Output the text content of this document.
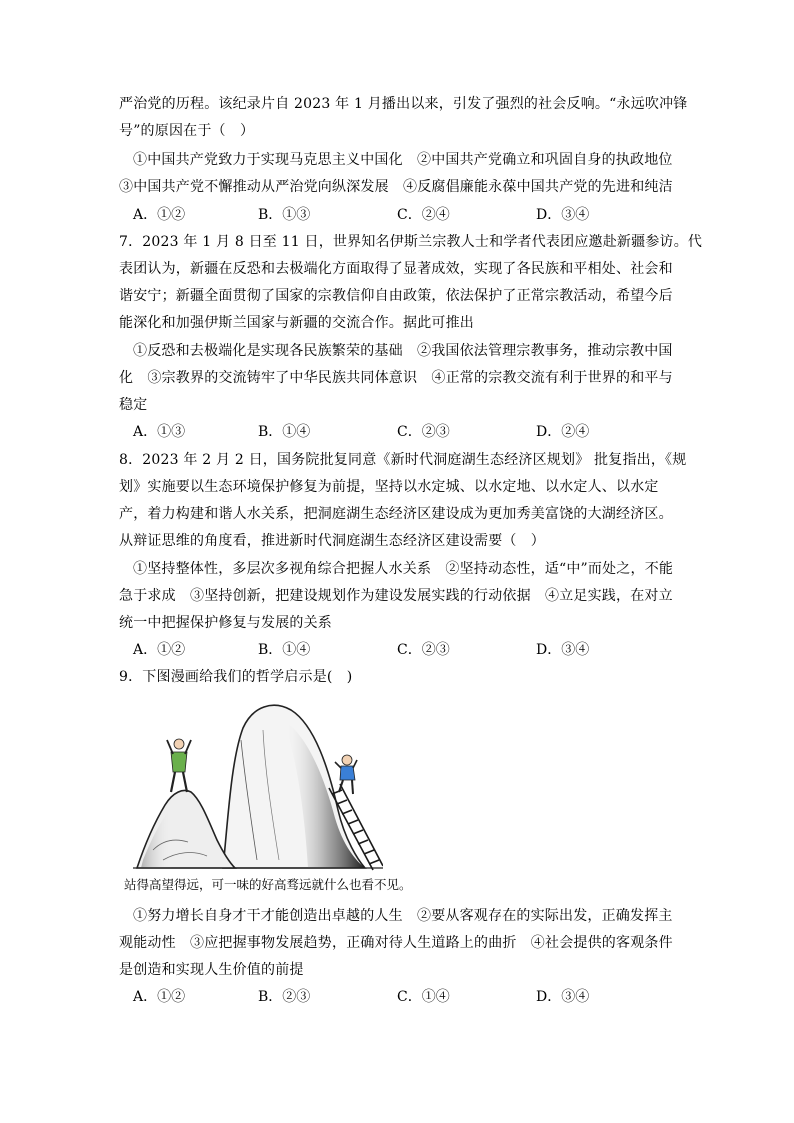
严治党的历程。该纪录片自 2023 年 1 月播出以来，引发了强烈的社会反响。“永远吹冲锋
号”的原因在于（　）
①中国共产党致力于实现马克思主义中国化　②中国共产党确立和巩固自身的执政地位
③中国共产党不懈推动从严治党向纵深发展　④反腐倡廉能永葆中国共产党的先进和纯洁
A．①②	B．①③	C．②④	D．③④
7．2023 年 1 月 8 日至 11 日，世界知名伊斯兰宗教人士和学者代表团应邀赴新疆参访。代
表团认为，新疆在反恐和去极端化方面取得了显著成效，实现了各民族和平相处、社会和
谐安宁；新疆全面贯彻了国家的宗教信仰自由政策，依法保护了正常宗教活动，希望今后
能深化和加强伊斯兰国家与新疆的交流合作。据此可推出
①反恐和去极端化是实现各民族繁荣的基础　②我国依法管理宗教事务，推动宗教中国
化　③宗教界的交流铸牢了中华民族共同体意识　④正常的宗教交流有利于世界的和平与
稳定
A．①③	B．①④	C．②③	D．②④
8．2023 年 2 月 2 日，国务院批复同意《新时代洞庭湖生态经济区规划》 批复指出，《规
划》实施要以生态环境保护修复为前提，坚持以水定城、以水定地、以水定人、以水定
产，着力构建和谐人水关系，把洞庭湖生态经济区建设成为更加秀美富饶的大湖经济区。
从辩证思维的角度看，推进新时代洞庭湖生态经济区建设需要（　）
①坚持整体性，多层次多视角综合把握人水关系　②坚持动态性，适“中”而处之，不能
急于求成　③坚持创新，把建设规划作为建设发展实践的行动依据　④立足实践，在对立
统一中把握保护修复与发展的关系
A．①②	B．①④	C．②③	D．③④
9．下图漫画给我们的哲学启示是(　)
站得高望得远，可一味的好高骛远就什么也看不见。
①努力增长自身才干才能创造出卓越的人生　②要从客观存在的实际出发，正确发挥主
观能动性　③应把握事物发展趋势，正确对待人生道路上的曲折　④社会提供的客观条件
是创造和实现人生价值的前提
A．①②	B．②③	C．①④	D．③④
